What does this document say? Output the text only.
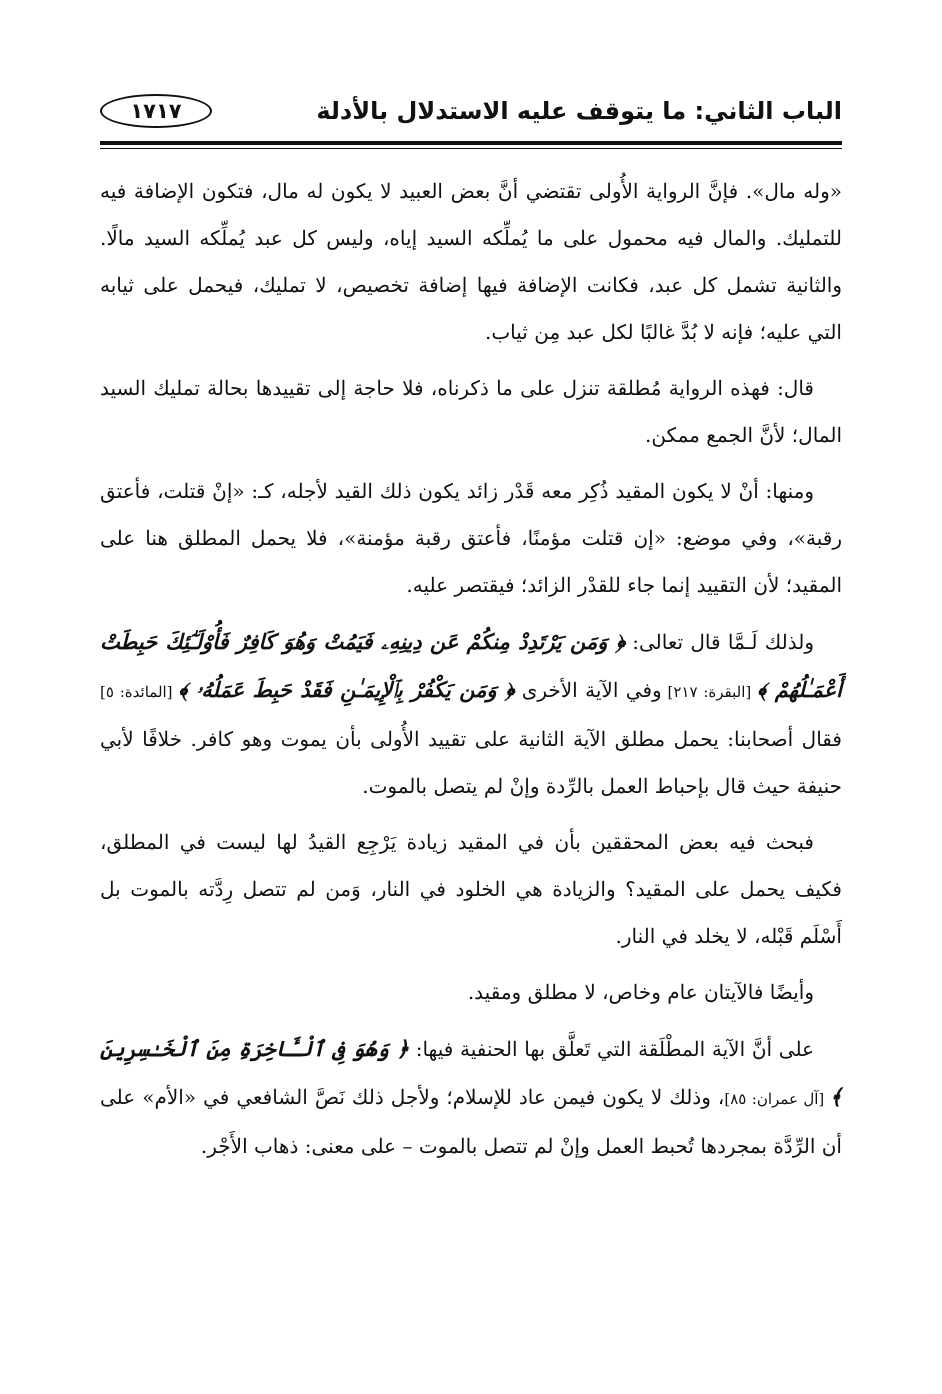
الباب الثاني: ما يتوقف عليه الاستدلال بالأدلة
١٧١٧

«وله مال». فإنَّ الرواية الأُولى تقتضي أنَّ بعض العبيد لا يكون له مال، فتكون الإضافة فيه للتمليك. والمال فيه محمول على ما يُملِّكه السيد إياه، وليس كل عبد يُملِّكه السيد مالًا. والثانية تشمل كل عبد، فكانت الإضافة فيها إضافة تخصيص، لا تمليك، فيحمل على ثيابه التي عليه؛ فإنه لا بُدَّ غالبًا لكل عبد مِن ثياب.

قال: فهذه الرواية مُطلقة تنزل على ما ذكرناه، فلا حاجة إلى تقييدها بحالة تمليك السيد المال؛ لأنَّ الجمع ممكن.

ومنها: أنْ لا يكون المقيد ذُكِر معه قَدْر زائد يكون ذلك القيد لأجله، كـ: «إنْ قتلت، فأعتق رقبة»، وفي موضع: «إن قتلت مؤمنًا، فأعتق رقبة مؤمنة»، فلا يحمل المطلق هنا على المقيد؛ لأن التقييد إنما جاء للقدْر الزائد؛ فيقتصر عليه.

ولذلك لَـمَّا قال تعالى: ﴿ وَمَن يَرْتَدِدْ مِنكُمْ عَن دِينِهِۦ فَيَمُتْ وَهُوَ كَافِرٌ فَأُوْلَـٰٓئِكَ حَبِطَتْ أَعْمَـٰلُهُمْ ﴾ [البقرة: ٢١٧] وفي الآية الأخرى ﴿ وَمَن يَكْفُرْ بِٱلْإِيمَـٰنِ فَقَدْ حَبِطَ عَمَلُهُۥ ﴾ [المائدة: ٥] فقال أصحابنا: يحمل مطلق الآية الثانية على تقييد الأُولى بأن يموت وهو كافر. خلافًا لأبي حنيفة حيث قال بإحباط العمل بالرِّدة وإنْ لم يتصل بالموت.

فبحث فيه بعض المحققين بأن في المقيد زيادة يَرْجِع القيدُ لها ليست في المطلق، فكيف يحمل على المقيد؟ والزيادة هي الخلود في النار، وَمن لم تتصل رِدَّته بالموت بل أَسْلَم قَبْله، لا يخلد في النار.

وأيضًا فالآيتان عام وخاص، لا مطلق ومقيد.

على أنَّ الآية المطْلَقة التي تَعلَّق بها الحنفية فيها: ﴿ وَهُوَ فِى ٱلْـَٔاخِرَةِ مِنَ ٱلْخَـٰسِرِينَ ﴾ [آل عمران: ٨٥]، وذلك لا يكون فيمن عاد للإسلام؛ ولأجل ذلك نَصَّ الشافعي في «الأم» على أن الرِّدَّة بمجردها تُحبط العمل وإنْ لم تتصل بالموت – على معنى: ذهاب الأَجْر.
